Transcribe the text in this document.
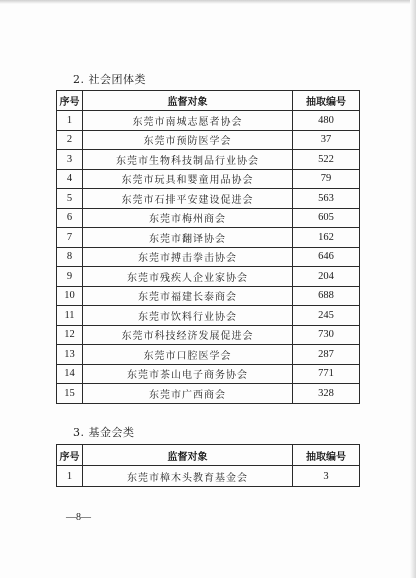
2. 社会团体类
序号	监督对象	抽取编号
1	东莞市南城志愿者协会	480
2	东莞市预防医学会	37
3	东莞市生物科技制品行业协会	522
4	东莞市玩具和婴童用品协会	79
5	东莞市石排平安建设促进会	563
6	东莞市梅州商会	605
7	东莞市翻译协会	162
8	东莞市搏击拳击协会	646
9	东莞市残疾人企业家协会	204
10	东莞市福建长泰商会	688
11	东莞市饮料行业协会	245
12	东莞市科技经济发展促进会	730
13	东莞市口腔医学会	287
14	东莞市茶山电子商务协会	771
15	东莞市广西商会	328
3. 基金会类
序号	监督对象	抽取编号
1	东莞市樟木头教育基金会	3
—8—
